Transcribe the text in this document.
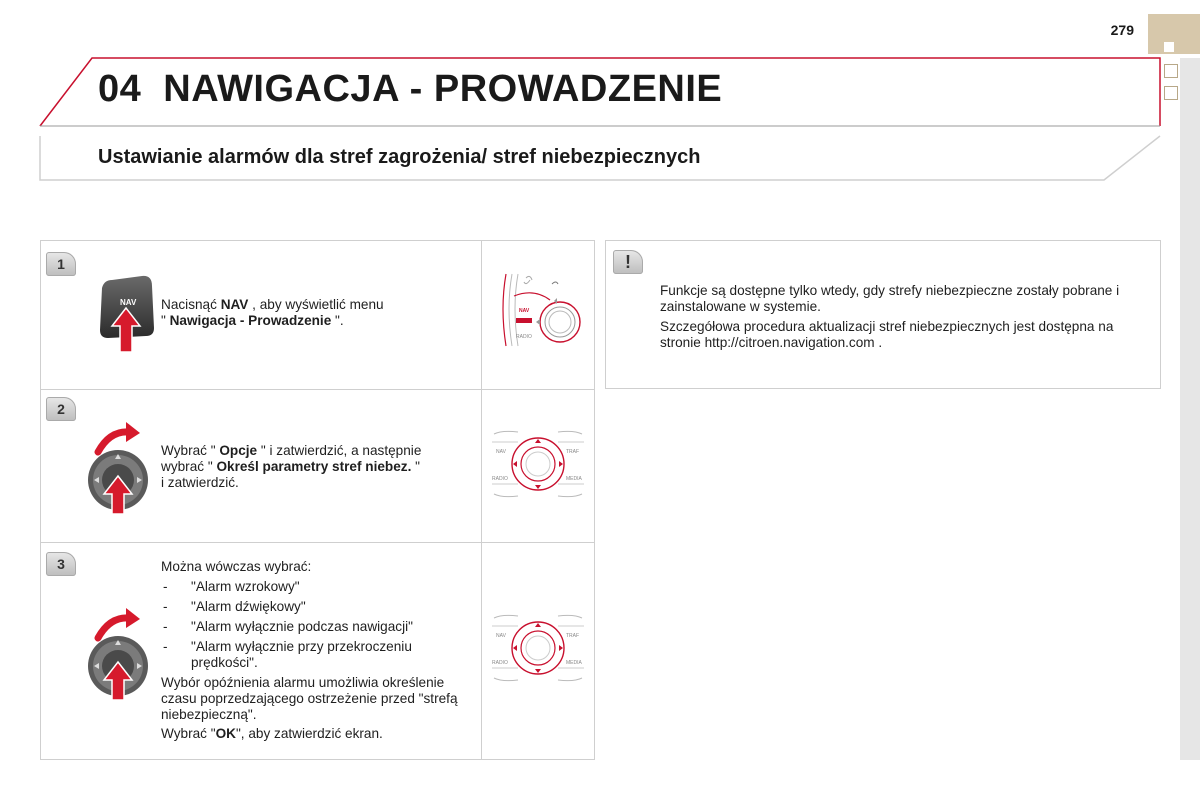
279
04 NAWIGACJA - PROWADZENIE
Ustawianie alarmów dla stref zagrożenia/ stref niebezpiecznych
1
NAV Nacisnąć NAV , aby wyświetlić menu

" Nawigacja - Prowadzenie ".

NAV
RADIO
2

Wybrać " Opcje " i zatwierdzić, a następnie

wybrać " Określ parametry stref niebez. "

i zatwierdzić.

NAV	TRAF
RADIO	MEDIA
3	Można wówczas wybrać:

- "Alarm wzrokowy"
- "Alarm dźwiękowy"
- "Alarm wyłącznie podczas nawigacji"
- "Alarm wyłącznie przy przekroczeniu prędkości".

Wybór opóźnienia alarmu umożliwia określenie czasu poprzedzającego ostrzeżenie przed "strefą niebezpieczną".

Wybrać "OK", aby zatwierdzić ekran.

NAV	TRAF
RADIO	MEDIA
!

Funkcje są dostępne tylko wtedy, gdy strefy niebezpieczne zostały pobrane i zainstalowane w systemie.

Szczegółowa procedura aktualizacji stref niebezpiecznych jest dostępna na stronie http://citroen.navigation.com .
